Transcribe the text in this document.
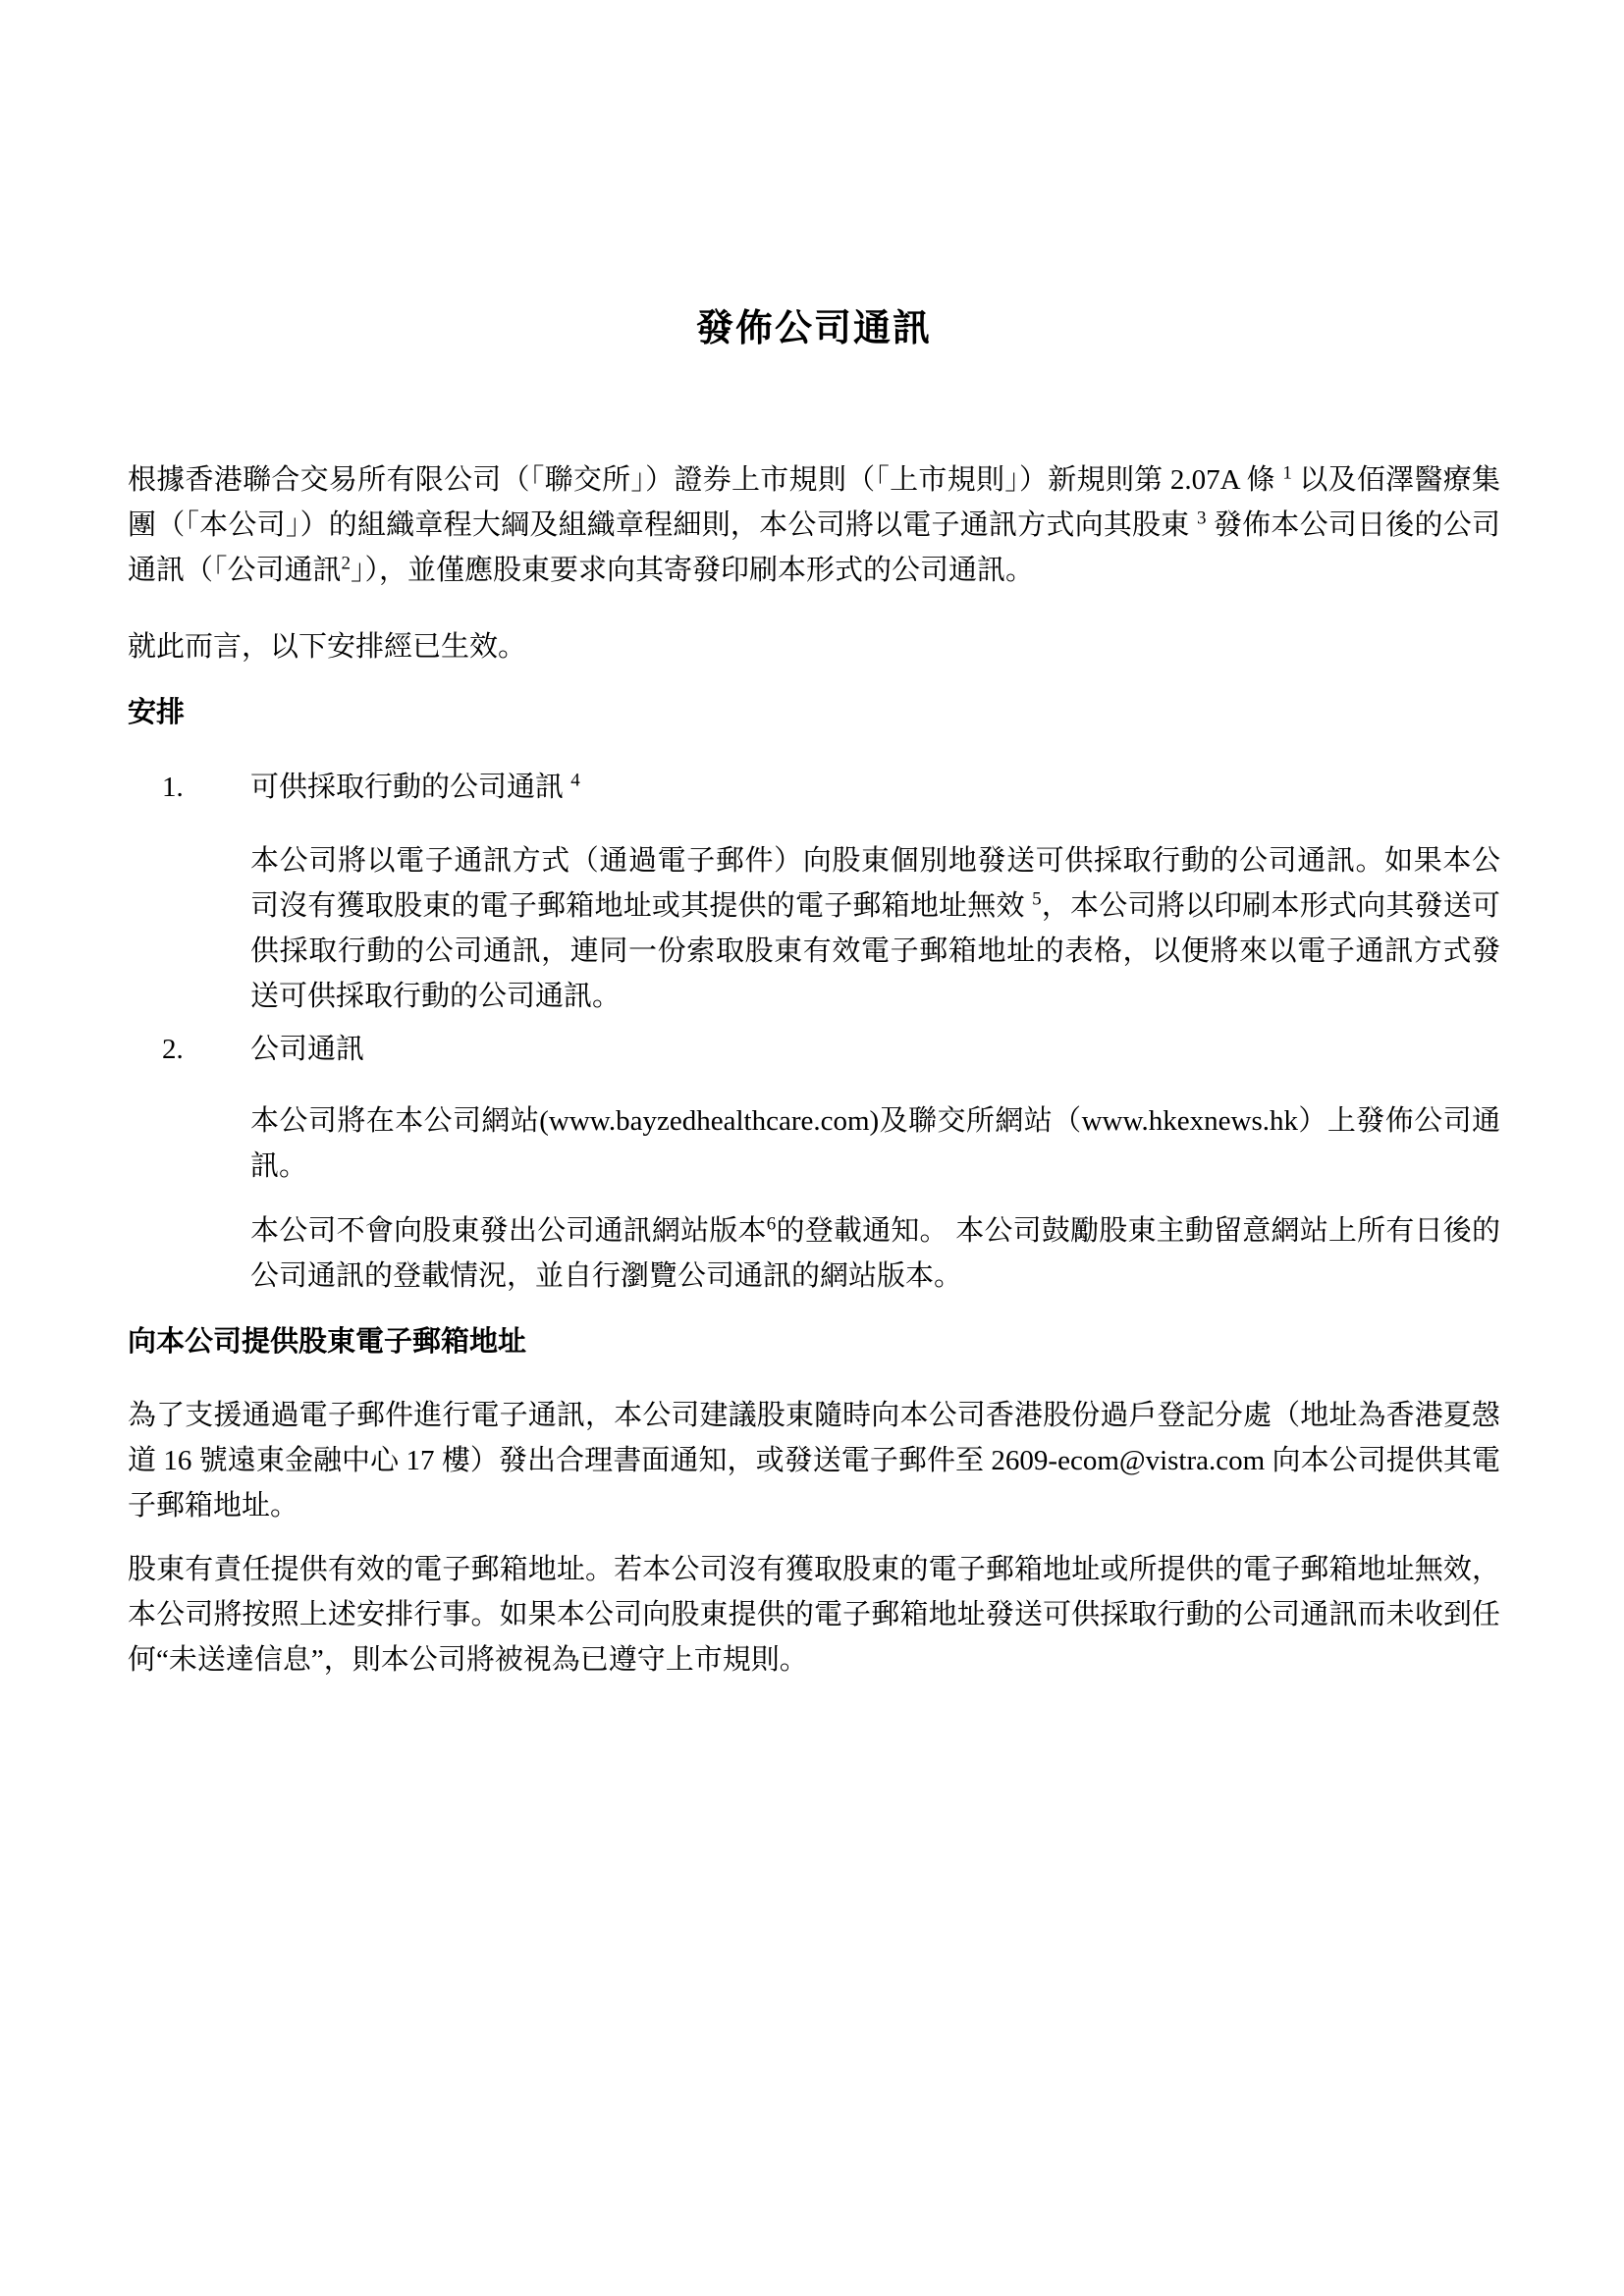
發佈公司通訊

根據香港聯合交易所有限公司（「聯交所」）證券上市規則（「上市規則」）新規則第 2.07A 條 $^1$ 以及佰澤醫療集團（「本公司」）的組織章程大綱及組織章程細則，本公司將以電子通訊方式向其股東 $^3$ 發佈本公司日後的公司通訊（「公司通訊$^2$」），並僅應股東要求向其寄發印刷本形式的公司通訊。

就此而言，以下安排經已生效。

安排

1.	可供採取行動的公司通訊 $^4$

本公司將以電子通訊方式（通過電子郵件）向股東個別地發送可供採取行動的公司通訊。如果本公司沒有獲取股東的電子郵箱地址或其提供的電子郵箱地址無效 $^5$，本公司將以印刷本形式向其發送可供採取行動的公司通訊，連同一份索取股東有效電子郵箱地址的表格，以便將來以電子通訊方式發送可供採取行動的公司通訊。

2.	公司通訊

本公司將在本公司網站(www.bayzedhealthcare.com)及聯交所網站（www.hkexnews.hk）上發佈公司通訊。

本公司不會向股東發出公司通訊網站版本$^6$的登載通知。 本公司鼓勵股東主動留意網站上所有日後的公司通訊的登載情況，並自行瀏覽公司通訊的網站版本。

向本公司提供股東電子郵箱地址

為了支援通過電子郵件進行電子通訊，本公司建議股東隨時向本公司香港股份過戶登記分處（地址為香港夏愨道 16 號遠東金融中心 17 樓）發出合理書面通知，或發送電子郵件至 2609-ecom@vistra.com 向本公司提供其電子郵箱地址。

股東有責任提供有效的電子郵箱地址。若本公司沒有獲取股東的電子郵箱地址或所提供的電子郵箱地址無效，本公司將按照上述安排行事。如果本公司向股東提供的電子郵箱地址發送可供採取行動的公司通訊而未收到任何“未送達信息”，則本公司將被視為已遵守上市規則。
